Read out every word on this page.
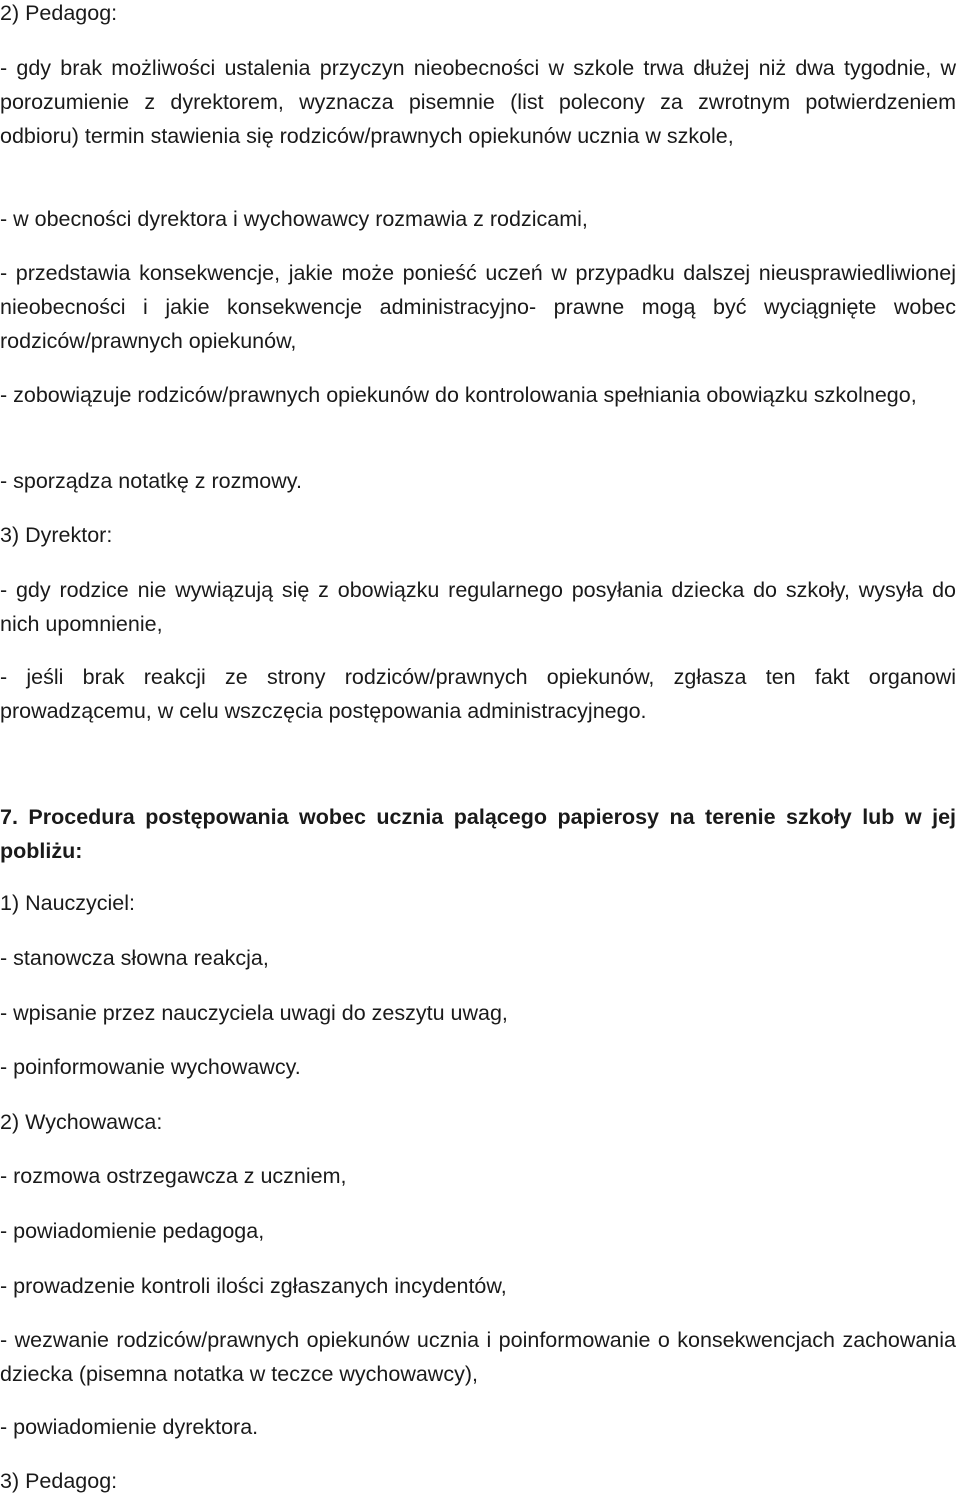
2) Pedagog:

- gdy brak możliwości ustalenia przyczyn nieobecności w szkole trwa dłużej niż dwa tygodnie, w porozumienie z dyrektorem, wyznacza pisemnie (list polecony za zwrotnym potwierdzeniem odbioru) termin stawienia się rodziców/prawnych opiekunów ucznia w szkole,

- w obecności dyrektora i wychowawcy rozmawia z rodzicami,

- przedstawia konsekwencje, jakie może ponieść uczeń w przypadku dalszej nieusprawiedliwionej nieobecności i jakie konsekwencje administracyjno- prawne mogą być wyciągnięte wobec rodziców/prawnych opiekunów,

- zobowiązuje rodziców/prawnych opiekunów do kontrolowania spełniania obowiązku szkolnego,

- sporządza notatkę z rozmowy.

3) Dyrektor:

- gdy rodzice nie wywiązują się z obowiązku regularnego posyłania dziecka do szkoły, wysyła do nich upomnienie,

- jeśli brak reakcji ze strony rodziców/prawnych opiekunów, zgłasza ten fakt organowi prowadzącemu, w celu wszczęcia postępowania administracyjnego.

7. Procedura postępowania wobec ucznia palącego papierosy na terenie szkoły lub w jej pobliżu:

1) Nauczyciel:

- stanowcza słowna reakcja,

- wpisanie przez nauczyciela uwagi do zeszytu uwag,

- poinformowanie wychowawcy.

2) Wychowawca:

- rozmowa ostrzegawcza z uczniem,

- powiadomienie pedagoga,

- prowadzenie kontroli ilości zgłaszanych incydentów,

- wezwanie rodziców/prawnych opiekunów ucznia i poinformowanie o konsekwencjach zachowania dziecka (pisemna notatka w teczce wychowawcy),

- powiadomienie dyrektora.

3) Pedagog:
